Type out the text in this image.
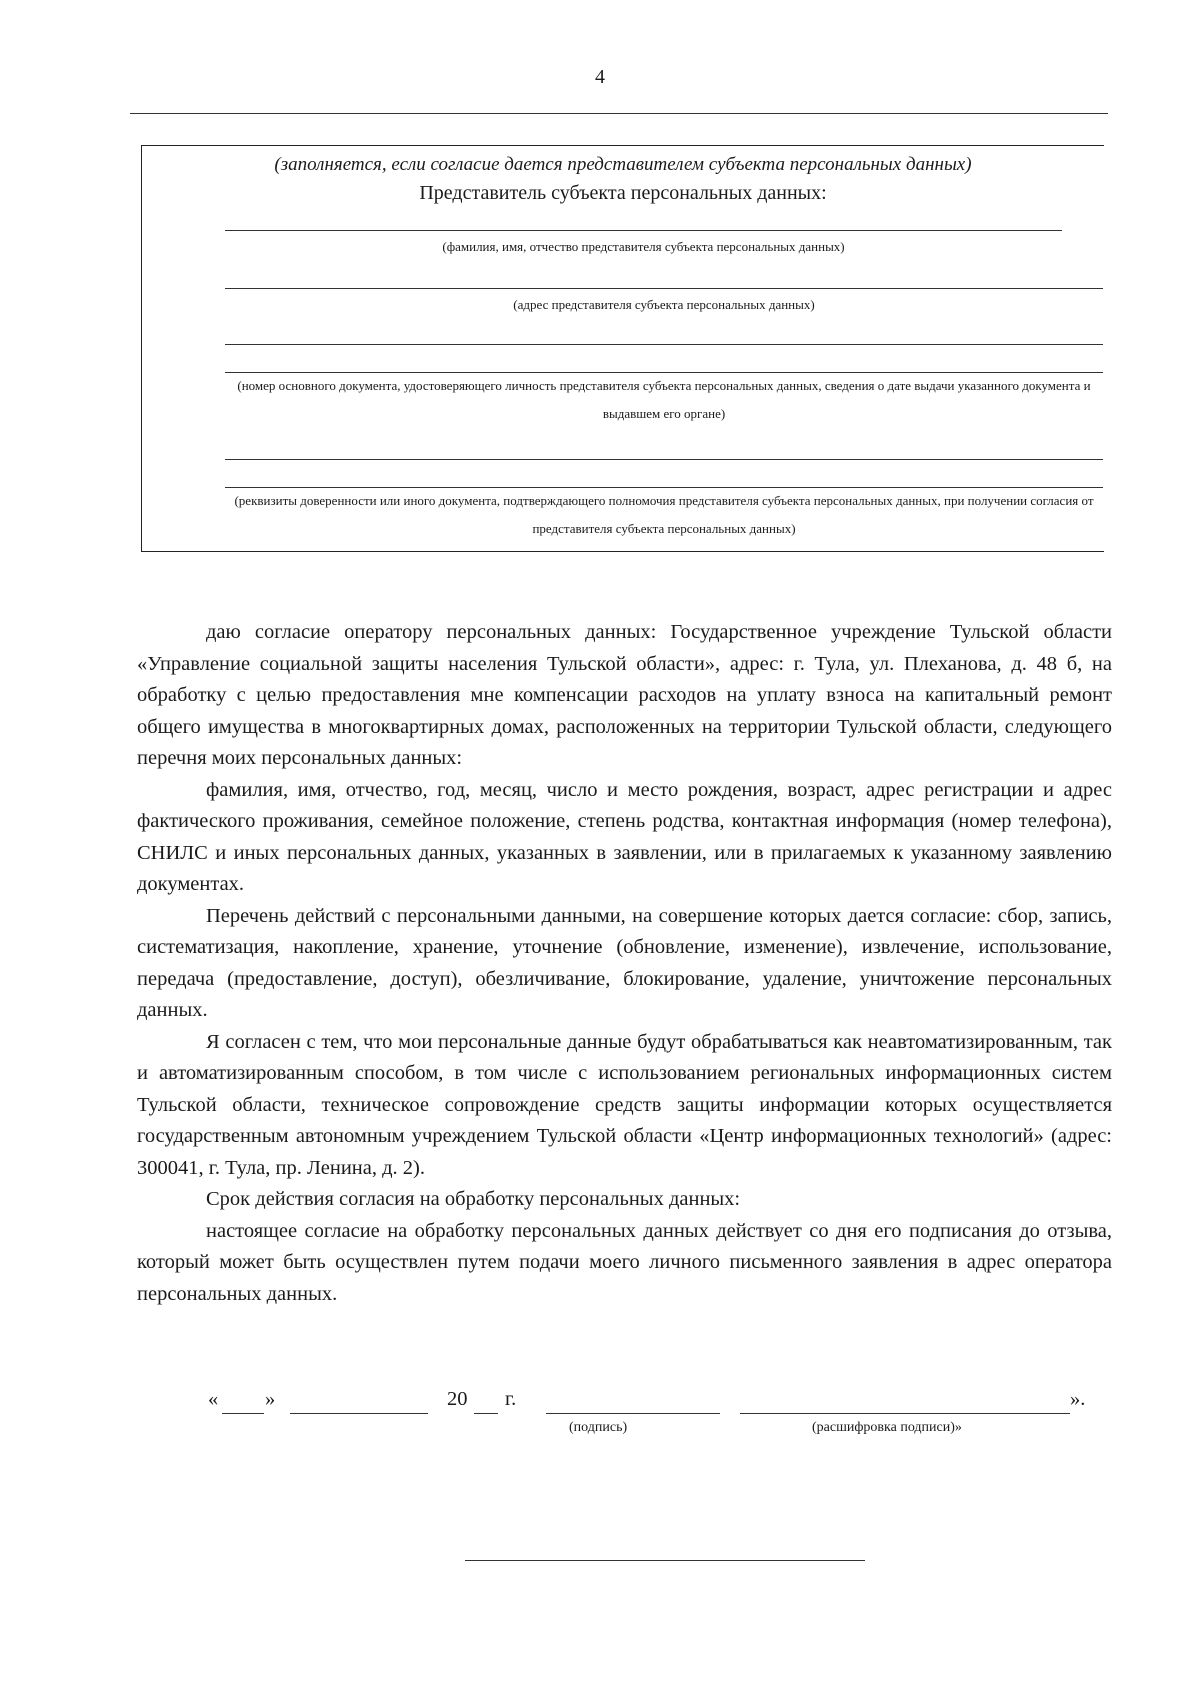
4
(заполняется, если согласие дается представителем субъекта персональных данных)
Представитель субъекта персональных данных:
(фамилия, имя, отчество представителя субъекта персональных данных)
(адрес представителя субъекта персональных данных)
(номер основного документа, удостоверяющего личность представителя субъекта персональных данных, сведения о дате выдачи указанного документа и выдавшем его органе)
(реквизиты доверенности или иного документа, подтверждающего полномочия представителя субъекта персональных данных, при получении согласия от представителя субъекта персональных данных)

даю согласие оператору персональных данных: Государственное учреждение Тульской области «Управление социальной защиты населения Тульской области», адрес: г. Тула, ул. Плеханова, д. 48 б, на обработку с целью предоставления мне компенсации расходов на уплату взноса на капитальный ремонт общего имущества в многоквартирных домах, расположенных на территории Тульской области, следующего перечня моих персональных данных:

фамилия, имя, отчество, год, месяц, число и место рождения, возраст, адрес регистрации и адрес фактического проживания, семейное положение, степень родства, контактная информация (номер телефона), СНИЛС и иных персональных данных, указанных в заявлении, или в прилагаемых к указанному заявлению документах.

Перечень действий с персональными данными, на совершение которых дается согласие: сбор, запись, систематизация, накопление, хранение, уточнение (обновление, изменение), извлечение, использование, передача (предоставление, доступ), обезличивание, блокирование, удаление, уничтожение персональных данных.

Я согласен с тем, что мои персональные данные будут обрабатываться как неавтоматизированным, так и автоматизированным способом, в том числе с использованием региональных информационных систем Тульской области, техническое сопровождение средств защиты информации которых осуществляется государственным автономным учреждением Тульской области «Центр информационных технологий» (адрес: 300041, г. Тула, пр. Ленина, д. 2).

Срок действия согласия на обработку персональных данных:

настоящее согласие на обработку персональных данных действует со дня его подписания до отзыва, который может быть осуществлен путем подачи моего личного письменного заявления в адрес оператора персональных данных.

« »	20 г.	».
(подпись)	(расшифровка подписи)»
